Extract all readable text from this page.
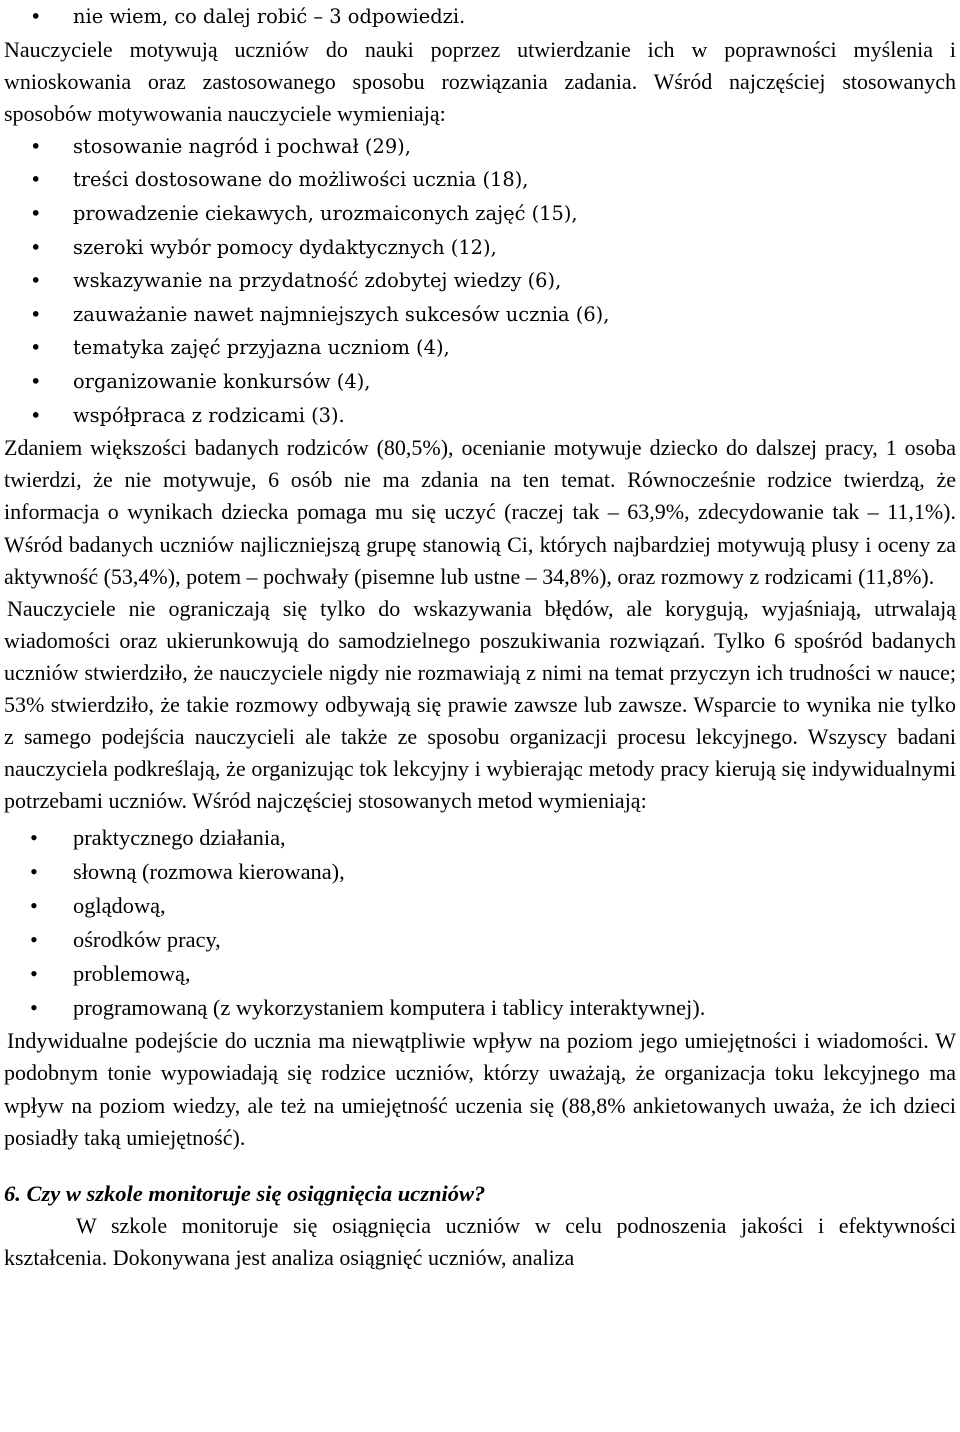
• nie wiem, co dalej robić – 3 odpowiedzi.

Nauczyciele motywują uczniów do nauki poprzez utwierdzanie ich w poprawności myślenia i wnioskowania oraz zastosowanego sposobu rozwiązania zadania. Wśród najczęściej stosowanych sposobów motywowania nauczyciele wymieniają:

• stosowanie nagród i pochwał (29),
• treści dostosowane do możliwości ucznia (18),
• prowadzenie ciekawych, urozmaiconych zajęć (15),
• szeroki wybór pomocy dydaktycznych (12),
• wskazywanie na przydatność zdobytej wiedzy (6),
• zauważanie nawet najmniejszych sukcesów ucznia (6),
• tematyka zajęć przyjazna uczniom (4),
• organizowanie konkursów (4),
• współpraca z rodzicami (3).

Zdaniem większości badanych rodziców (80,5%), ocenianie motywuje dziecko do dalszej pracy, 1 osoba twierdzi, że nie motywuje, 6 osób nie ma zdania na ten temat. Równocześnie rodzice twierdzą, że informacja o wynikach dziecka pomaga mu się uczyć (raczej tak – 63,9%, zdecydowanie tak – 11,1%). Wśród badanych uczniów najliczniejszą grupę stanowią Ci, których najbardziej motywują plusy i oceny za aktywność (53,4%), potem – pochwały (pisemne lub ustne – 34,8%), oraz rozmowy z rodzicami (11,8%).

Nauczyciele nie ograniczają się tylko do wskazywania błędów, ale korygują, wyjaśniają, utrwalają wiadomości oraz ukierunkowują do samodzielnego poszukiwania rozwiązań. Tylko 6 spośród badanych uczniów stwierdziło, że nauczyciele nigdy nie rozmawiają z nimi na temat przyczyn ich trudności w nauce; 53% stwierdziło, że takie rozmowy odbywają się prawie zawsze lub zawsze. Wsparcie to wynika nie tylko z samego podejścia nauczycieli ale także ze sposobu organizacji procesu lekcyjnego. Wszyscy badani nauczyciela podkreślają, że organizując tok lekcyjny i wybierając metody pracy kierują się indywidualnymi potrzebami uczniów. Wśród najczęściej stosowanych metod wymieniają:

• praktycznego działania,
• słowną (rozmowa kierowana),
• oglądową,
• ośrodków pracy,
• problemową,
• programowaną (z wykorzystaniem komputera i tablicy interaktywnej).

Indywidualne podejście do ucznia ma niewątpliwie wpływ na poziom jego umiejętności i wiadomości. W podobnym tonie wypowiadają się rodzice uczniów, którzy uważają, że organizacja toku lekcyjnego ma wpływ na poziom wiedzy, ale też na umiejętność uczenia się (88,8% ankietowanych uważa, że ich dzieci posiadły taką umiejętność).

6. Czy w szkole monitoruje się osiągnięcia uczniów?

W szkole monitoruje się osiągnięcia uczniów w celu podnoszenia jakości i efektywności kształcenia. Dokonywana jest analiza osiągnięć uczniów, analiza
